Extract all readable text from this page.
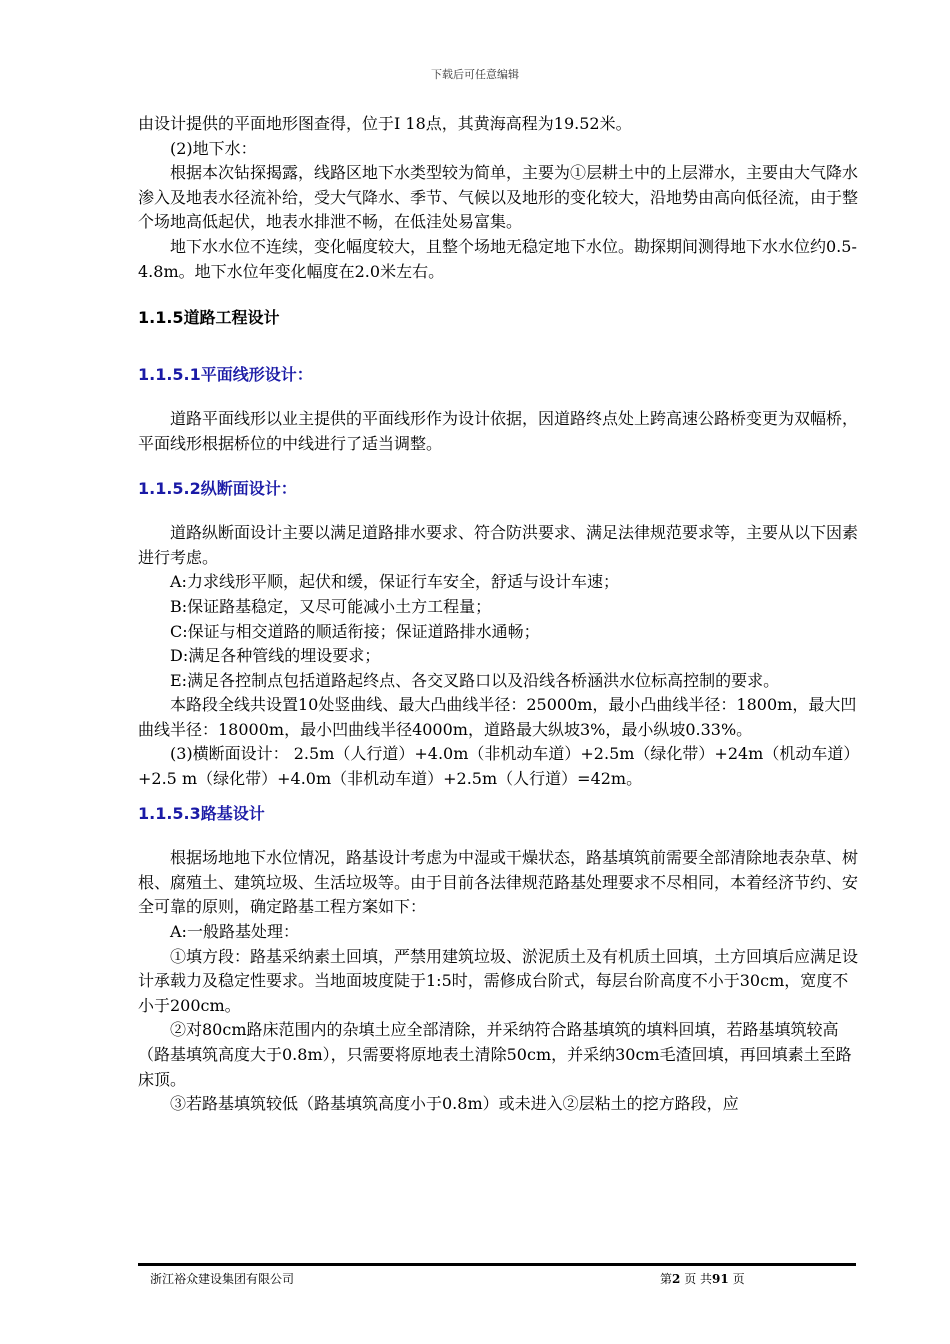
下载后可任意编辑

由设计提供的平面地形图查得，位于Ⅰ 18点，其黄海高程为19.52米。

(2)地下水：

根据本次钻探揭露，线路区地下水类型较为简单，主要为①层耕土中的上层滞水，主要由大气降水渗入及地表水径流补给，受大气降水、季节、气候以及地形的变化较大，沿地势由高向低径流，由于整个场地高低起伏，地表水排泄不畅，在低洼处易富集。

地下水水位不连续，变化幅度较大，且整个场地无稳定地下水位。勘探期间测得地下水水位约0.5-4.8m。地下水位年变化幅度在2.0米左右。

1.1.5道路工程设计

1.1.5.1平面线形设计：

道路平面线形以业主提供的平面线形作为设计依据，因道路终点处上跨高速公路桥变更为双幅桥，平面线形根据桥位的中线进行了适当调整。

1.1.5.2纵断面设计：

道路纵断面设计主要以满足道路排水要求、符合防洪要求、满足法律规范要求等，主要从以下因素进行考虑。

A:力求线形平顺，起伏和缓，保证行车安全，舒适与设计车速；

B:保证路基稳定，又尽可能减小土方工程量；

C:保证与相交道路的顺适衔接；保证道路排水通畅；

D:满足各种管线的埋设要求；

E:满足各控制点包括道路起终点、各交叉路口以及沿线各桥涵洪水位标高控制的要求。

本路段全线共设置10处竖曲线、最大凸曲线半径：25000m，最小凸曲线半径：1800m，最大凹曲线半径：18000m，最小凹曲线半径4000m，道路最大纵坡3%，最小纵坡0.33%。

(3)横断面设计： 2.5m（人行道）+4.0m（非机动车道）+2.5m（绿化带）+24m（机动车道）+2.5 m（绿化带）+4.0m（非机动车道）+2.5m（人行道）=42m。

1.1.5.3路基设计

根据场地地下水位情况，路基设计考虑为中湿或干燥状态，路基填筑前需要全部清除地表杂草、树根、腐殖土、建筑垃圾、生活垃圾等。由于目前各法律规范路基处理要求不尽相同，本着经济节约、安全可靠的原则，确定路基工程方案如下：

A:一般路基处理：

①填方段：路基采纳素土回填，严禁用建筑垃圾、淤泥质土及有机质土回填，土方回填后应满足设计承载力及稳定性要求。当地面坡度陡于1:5时，需修成台阶式，每层台阶高度不小于30cm，宽度不小于200cm。

②对80cm路床范围内的杂填土应全部清除，并采纳符合路基填筑的填料回填，若路基填筑较高（路基填筑高度大于0.8m），只需要将原地表土清除50cm，并采纳30cm毛渣回填，再回填素土至路床顶。

③若路基填筑较低（路基填筑高度小于0.8m）或未进入②层粘土的挖方路段，应

浙江裕众建设集团有限公司	第2 页 共91 页
